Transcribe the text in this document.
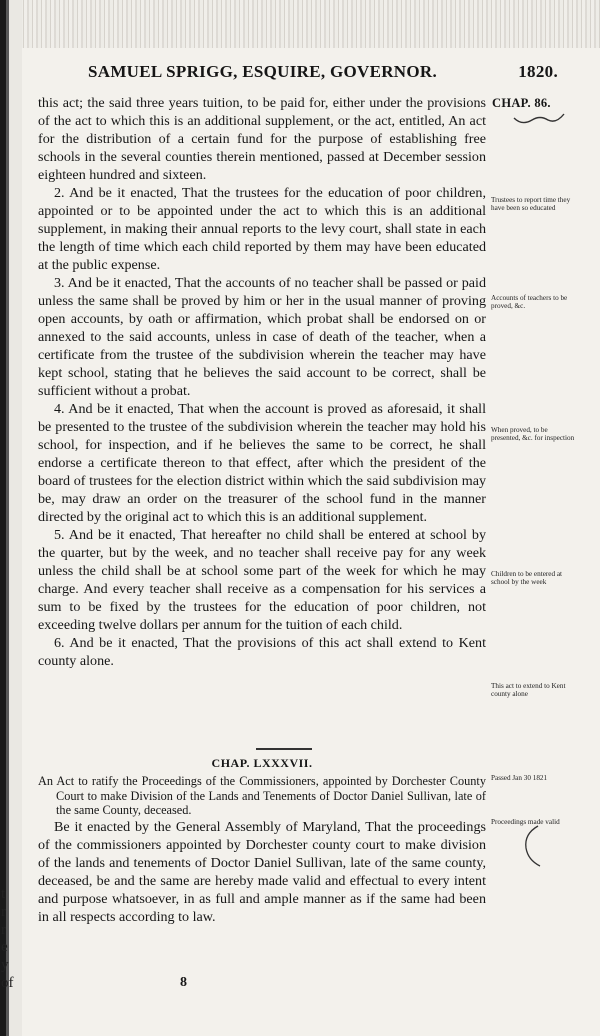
t
r
r
e
y
of
SAMUEL SPRIGG, ESQUIRE, GOVERNOR.	1820.
CHAP. 86.

this act; the said three years tuition, to be paid for, either under the provisions of the act to which this is an additional supplement, or the act, entitled, An act for the distribution of a certain fund for the purpose of establishing free schools in the several counties therein mentioned, passed at December session eighteen hundred and sixteen.

2. And be it enacted, That the trustees for the education of poor children, appointed or to be appointed under the act to which this is an additional supplement, in making their annual reports to the levy court, shall state in each the length of time which each child reported by them may have been educated at the public expense.

3. And be it enacted, That the accounts of no teacher shall be passed or paid unless the same shall be proved by him or her in the usual manner of proving open accounts, by oath or affirmation, which probat shall be endorsed on or annexed to the said accounts, unless in case of death of the teacher, when a certificate from the trustee of the subdivision wherein the teacher may have kept school, stating that he believes the said account to be correct, shall be sufficient without a probat.

4. And be it enacted, That when the account is proved as aforesaid, it shall be presented to the trustee of the subdivision wherein the teacher may hold his school, for inspection, and if he believes the same to be correct, he shall endorse a certificate thereon to that effect, after which the president of the board of trustees for the election district within which the said subdivision may be, may draw an order on the treasurer of the school fund in the manner directed by the original act to which this is an additional supplement.

5. And be it enacted, That hereafter no child shall be entered at school by the quarter, but by the week, and no teacher shall receive pay for any week unless the child shall be at school some part of the week for which he may charge. And every teacher shall receive as a compensation for his services a sum to be fixed by the trustees for the education of poor children, not exceeding twelve dollars per annum for the tuition of each child.

6. And be it enacted, That the provisions of this act shall extend to Kent county alone.

Trustees to report time they have been so educated
Accounts of teachers to be proved, &c.
When proved, to be presented, &c. for inspection
Children to be entered at school by the week
This act to extend to Kent county alone
CHAP. LXXXVII.

An Act to ratify the Proceedings of the Commissioners, appointed by Dorchester County Court to make Division of the Lands and Tenements of Doctor Daniel Sullivan, late of the same County, deceased.

Passed Jan 30 1821

Be it enacted by the General Assembly of Maryland, That the proceedings of the commissioners appointed by Dorchester county court to make division of the lands and tenements of Doctor Daniel Sullivan, late of the same county, deceased, be and the same are hereby made valid and effectual to every intent and purpose whatsoever, in as full and ample manner as if the same had been in all respects according to law.

Proceedings made valid
8
